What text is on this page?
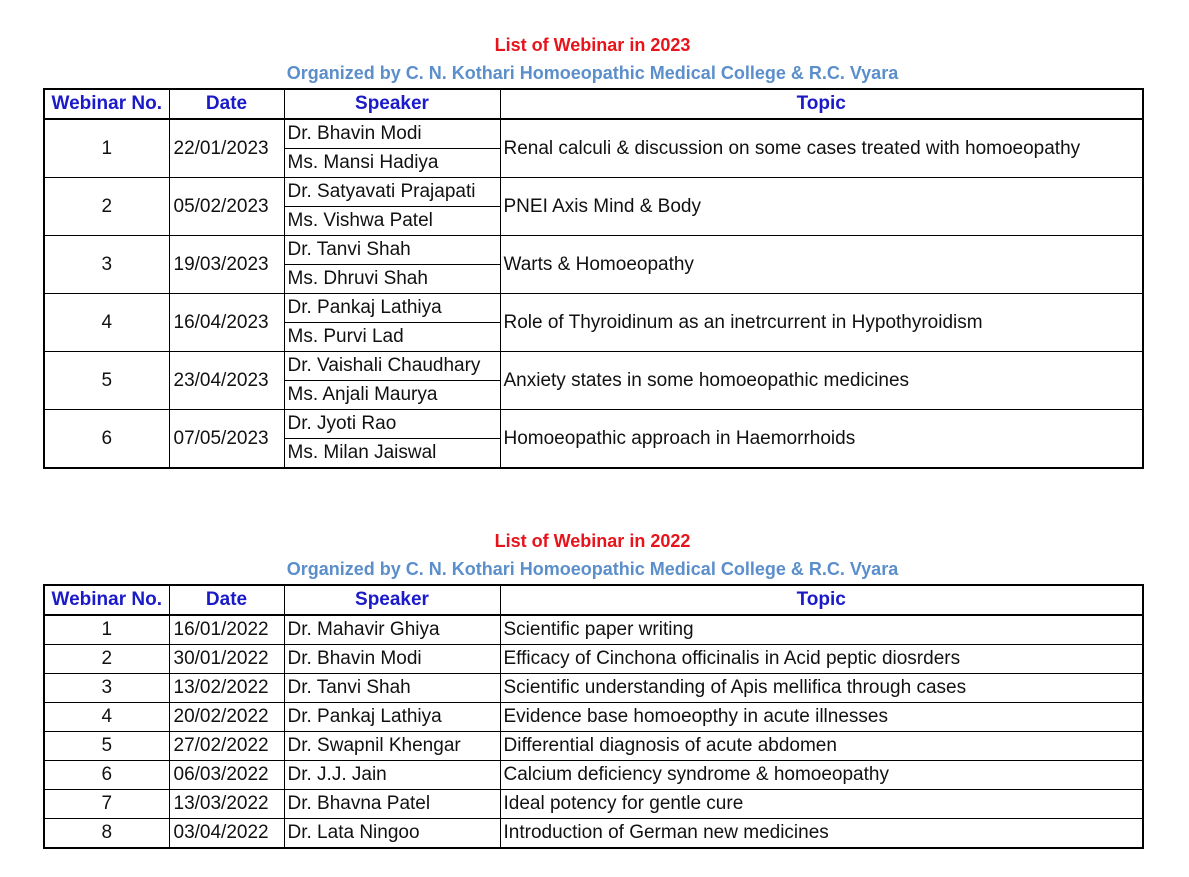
List of Webinar in 2023
Organized by C. N. Kothari Homoeopathic Medical College & R.C. Vyara
Webinar No.	Date	Speaker	Topic
1	22/01/2023	Dr. Bhavin Modi	Renal calculi & discussion on some cases treated with homoeopathy
		Ms. Mansi Hadiya	
2	05/02/2023	Dr. Satyavati Prajapati	PNEI Axis Mind & Body
		Ms. Vishwa Patel	
3	19/03/2023	Dr. Tanvi Shah	Warts & Homoeopathy
		Ms. Dhruvi Shah	
4	16/04/2023	Dr. Pankaj Lathiya	Role of Thyroidinum as an inetrcurrent in Hypothyroidism
		Ms. Purvi Lad	
5	23/04/2023	Dr. Vaishali Chaudhary	Anxiety states in some homoeopathic medicines
		Ms. Anjali Maurya	
6	07/05/2023	Dr. Jyoti Rao	Homoeopathic approach in Haemorrhoids
		Ms. Milan Jaiswal	
List of Webinar in 2022
Organized by C. N. Kothari Homoeopathic Medical College & R.C. Vyara
Webinar No.	Date	Speaker	Topic
1	16/01/2022	Dr. Mahavir Ghiya	Scientific paper writing
2	30/01/2022	Dr. Bhavin Modi	Efficacy of Cinchona officinalis in Acid peptic diosrders
3	13/02/2022	Dr. Tanvi Shah	Scientific understanding of Apis mellifica through cases
4	20/02/2022	Dr. Pankaj Lathiya	Evidence base homoeopthy in acute illnesses
5	27/02/2022	Dr. Swapnil Khengar	Differential diagnosis of acute abdomen
6	06/03/2022	Dr. J.J. Jain	Calcium deficiency syndrome & homoeopathy
7	13/03/2022	Dr. Bhavna Patel	Ideal potency for gentle cure
8	03/04/2022	Dr. Lata Ningoo	Introduction of German new medicines
